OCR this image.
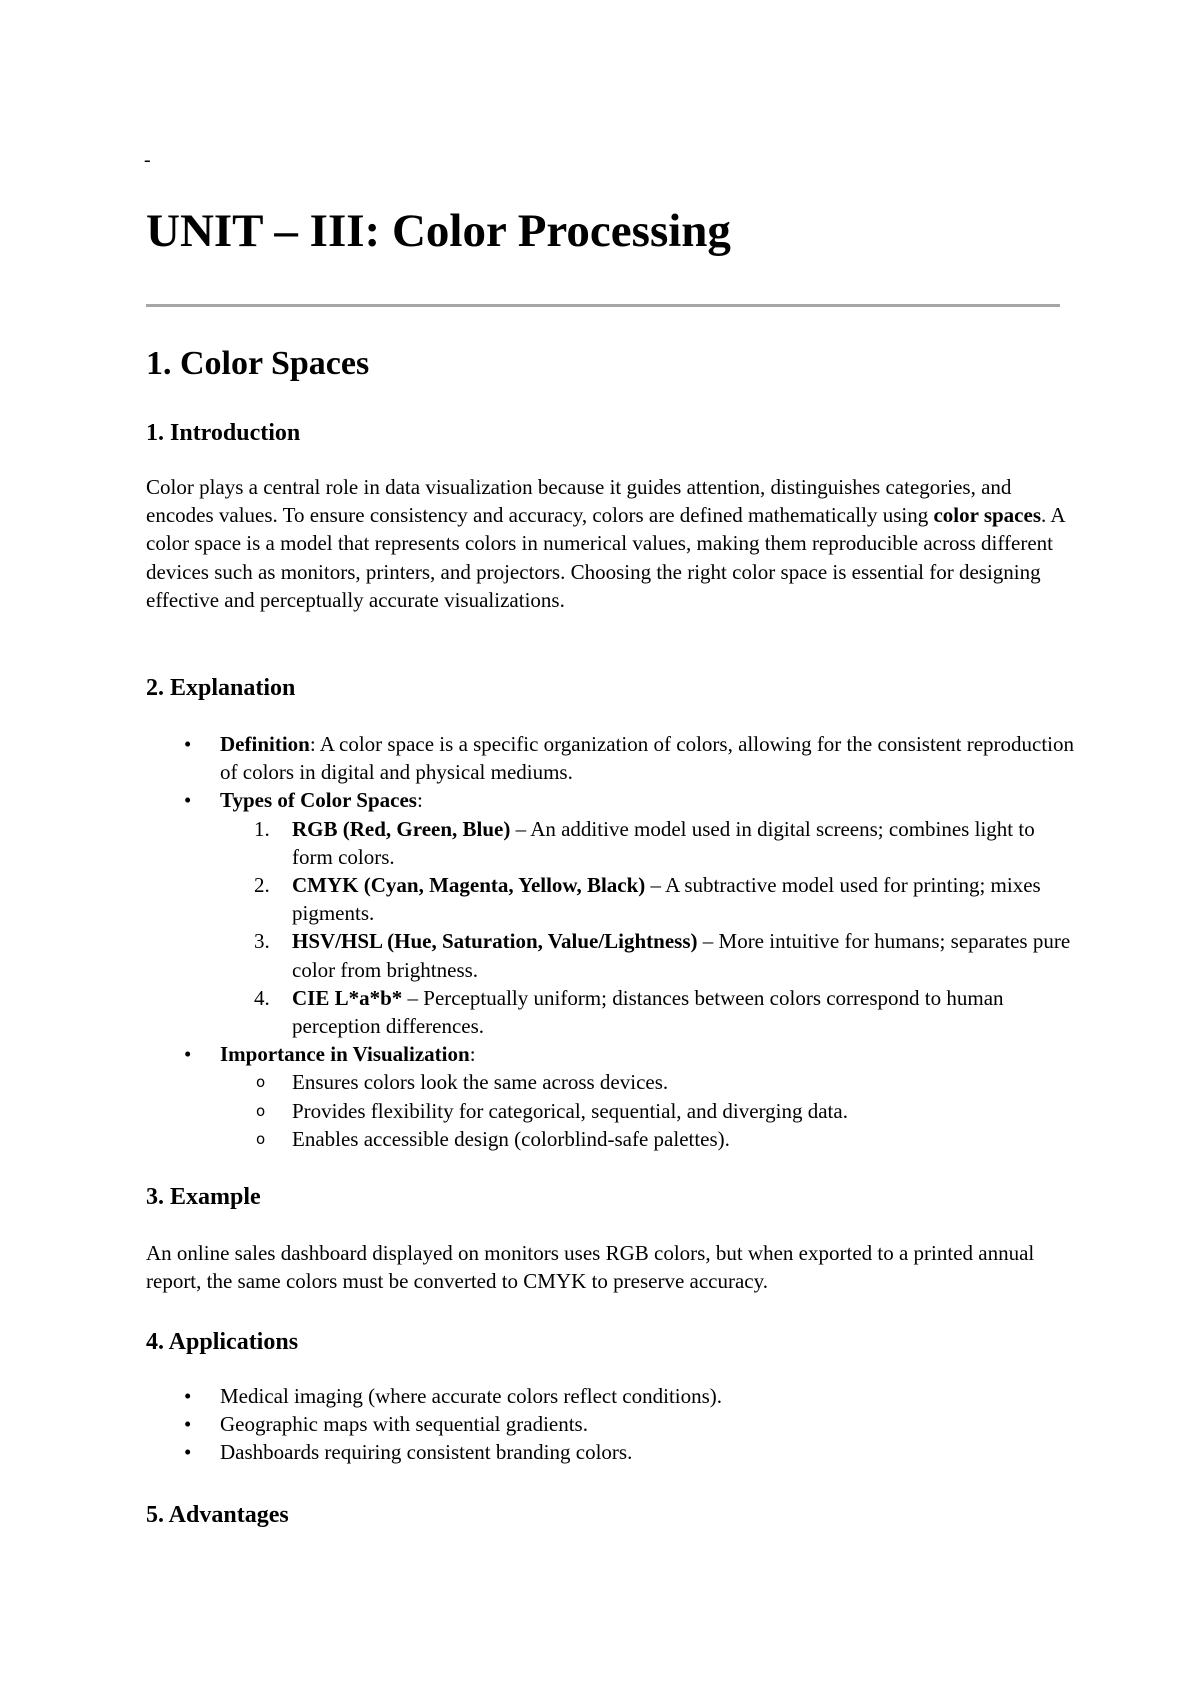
-
UNIT – III: Color Processing
1. Color Spaces
1. Introduction

Color plays a central role in data visualization because it guides attention, distinguishes categories, and encodes values. To ensure consistency and accuracy, colors are defined mathematically using color spaces. A color space is a model that represents colors in numerical values, making them reproducible across different devices such as monitors, printers, and projectors. Choosing the right color space is essential for designing effective and perceptually accurate visualizations.

2. Explanation
• Definition: A color space is a specific organization of colors, allowing for the consistent reproduction of colors in digital and physical mediums.
• Types of Color Spaces:
1. RGB (Red, Green, Blue) – An additive model used in digital screens; combines light to form colors.
2. CMYK (Cyan, Magenta, Yellow, Black) – A subtractive model used for printing; mixes pigments.
3. HSV/HSL (Hue, Saturation, Value/Lightness) – More intuitive for humans; separates pure color from brightness.
4. CIE L*a*b* – Perceptually uniform; distances between colors correspond to human perception differences.
• Importance in Visualization:
o Ensures colors look the same across devices.
o Provides flexibility for categorical, sequential, and diverging data.
o Enables accessible design (colorblind-safe palettes).
3. Example

An online sales dashboard displayed on monitors uses RGB colors, but when exported to a printed annual report, the same colors must be converted to CMYK to preserve accuracy.

4. Applications
• Medical imaging (where accurate colors reflect conditions).
• Geographic maps with sequential gradients.
• Dashboards requiring consistent branding colors.
5. Advantages
